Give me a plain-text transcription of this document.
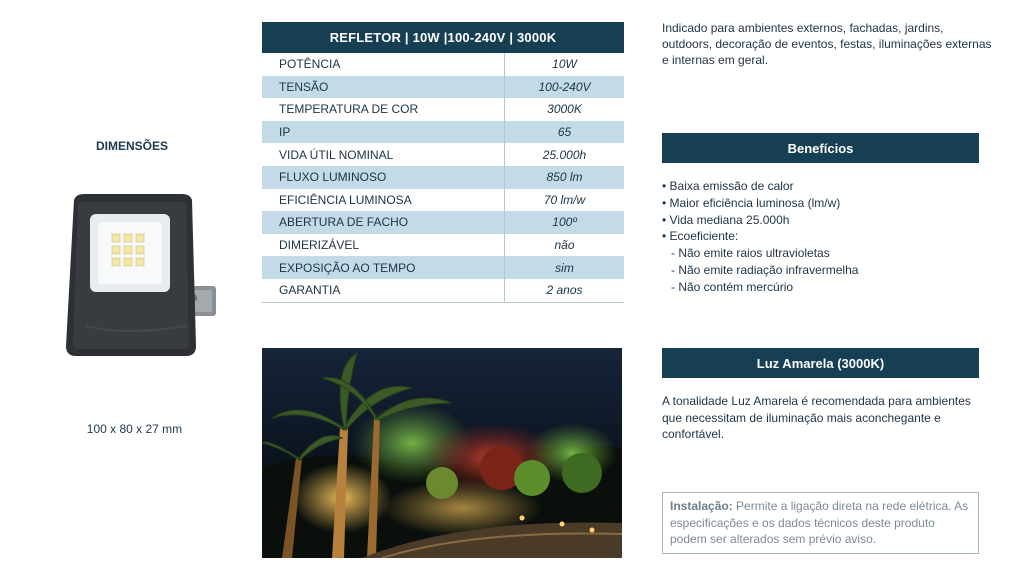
DIMENSÕES
100 x 80 x 27 mm
REFLETOR | 10W |100-240V | 3000K
POTÊNCIA	10W
TENSÃO	100-240V
TEMPERATURA DE COR	3000K
IP	65
VIDA ÚTIL NOMINAL	25.000h
FLUXO LUMINOSO	850 lm
EFICIÊNCIA LUMINOSA	70 lm/w
ABERTURA DE FACHO	100º
DIMERIZÁVEL	não
EXPOSIÇÃO AO TEMPO	sim
GARANTIA	2 anos
Indicado para ambientes externos, fachadas, jardins, outdoors, decoração de eventos, festas, iluminações externas e internas em geral.
Benefícios
• Baixa emissão de calor
• Maior eficiência luminosa (lm/w)
• Vida mediana 25.000h
• Ecoeficiente:
- Não emite raios ultravioletas
- Não emite radiação infravermelha
- Não contém mercúrio
Luz Amarela (3000K)
A tonalidade Luz Amarela é recomendada para ambientes que necessitam de iluminação mais aconchegante e confortável.
Instalação: Permite a ligação direta na rede elétrica. As especificações e os dados técnicos deste produto podem ser alterados sem prévio aviso.
